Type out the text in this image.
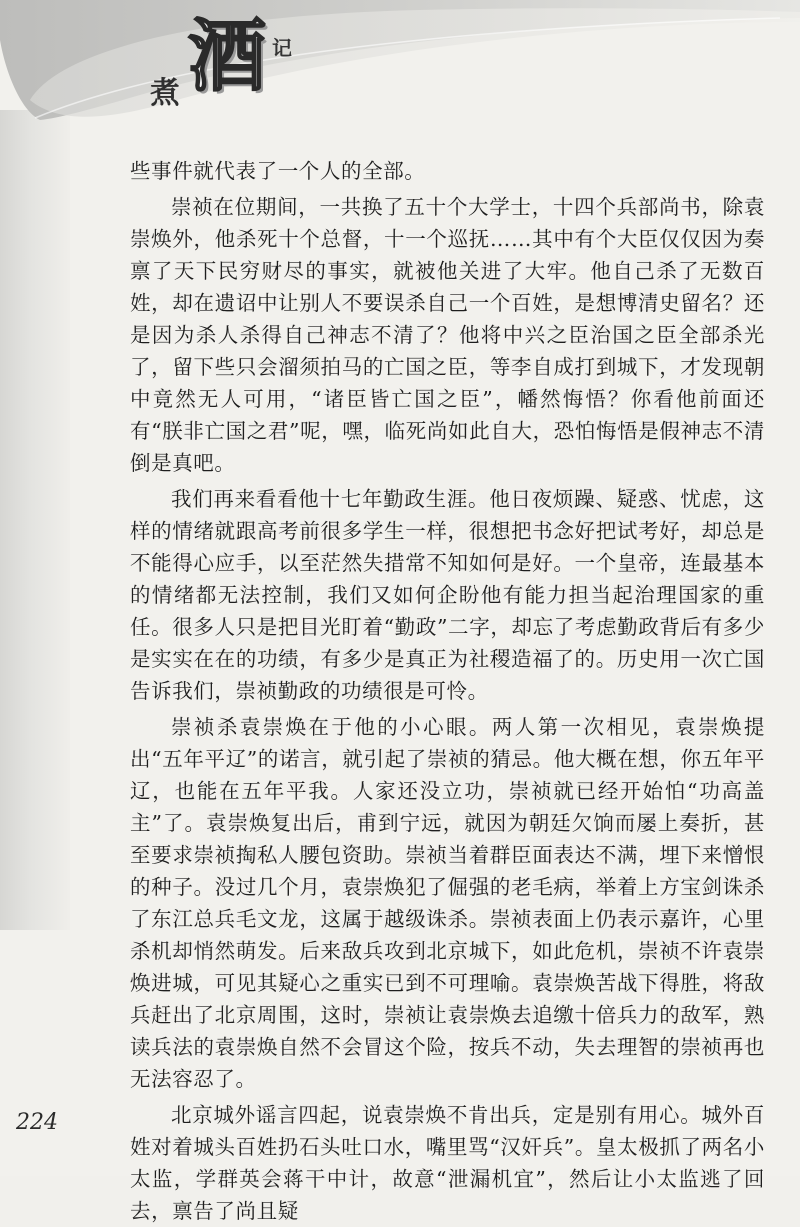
煮 酒 记

些事件就代表了一个人的全部。

崇祯在位期间，一共换了五十个大学士，十四个兵部尚书，除袁崇焕外，他杀死十个总督，十一个巡抚……其中有个大臣仅仅因为奏禀了天下民穷财尽的事实，就被他关进了大牢。他自己杀了无数百姓，却在遗诏中让别人不要误杀自己一个百姓，是想博清史留名？还是因为杀人杀得自己神志不清了？他将中兴之臣治国之臣全部杀光了，留下些只会溜须拍马的亡国之臣，等李自成打到城下，才发现朝中竟然无人可用，“诸臣皆亡国之臣”，幡然悔悟？你看他前面还有“朕非亡国之君”呢，嘿，临死尚如此自大，恐怕悔悟是假神志不清倒是真吧。

我们再来看看他十七年勤政生涯。他日夜烦躁、疑惑、忧虑，这样的情绪就跟高考前很多学生一样，很想把书念好把试考好，却总是不能得心应手，以至茫然失措常不知如何是好。一个皇帝，连最基本的情绪都无法控制，我们又如何企盼他有能力担当起治理国家的重任。很多人只是把目光盯着“勤政”二字，却忘了考虑勤政背后有多少是实实在在的功绩，有多少是真正为社稷造福了的。历史用一次亡国告诉我们，崇祯勤政的功绩很是可怜。

崇祯杀袁崇焕在于他的小心眼。两人第一次相见，袁崇焕提出“五年平辽”的诺言，就引起了崇祯的猜忌。他大概在想，你五年平辽，也能在五年平我。人家还没立功，崇祯就已经开始怕“功高盖主”了。袁崇焕复出后，甫到宁远，就因为朝廷欠饷而屡上奏折，甚至要求崇祯掏私人腰包资助。崇祯当着群臣面表达不满，埋下来憎恨的种子。没过几个月，袁崇焕犯了倔强的老毛病，举着上方宝剑诛杀了东江总兵毛文龙，这属于越级诛杀。崇祯表面上仍表示嘉许，心里杀机却悄然萌发。后来敌兵攻到北京城下，如此危机，崇祯不许袁崇焕进城，可见其疑心之重实已到不可理喻。袁崇焕苦战下得胜，将敌兵赶出了北京周围，这时，崇祯让袁崇焕去追缴十倍兵力的敌军，熟读兵法的袁崇焕自然不会冒这个险，按兵不动，失去理智的崇祯再也无法容忍了。

北京城外谣言四起，说袁崇焕不肯出兵，定是别有用心。城外百姓对着城头百姓扔石头吐口水，嘴里骂“汉奸兵”。皇太极抓了两名小太监，学群英会蒋干中计，故意“泄漏机宜”，然后让小太监逃了回去，禀告了尚且疑

224
